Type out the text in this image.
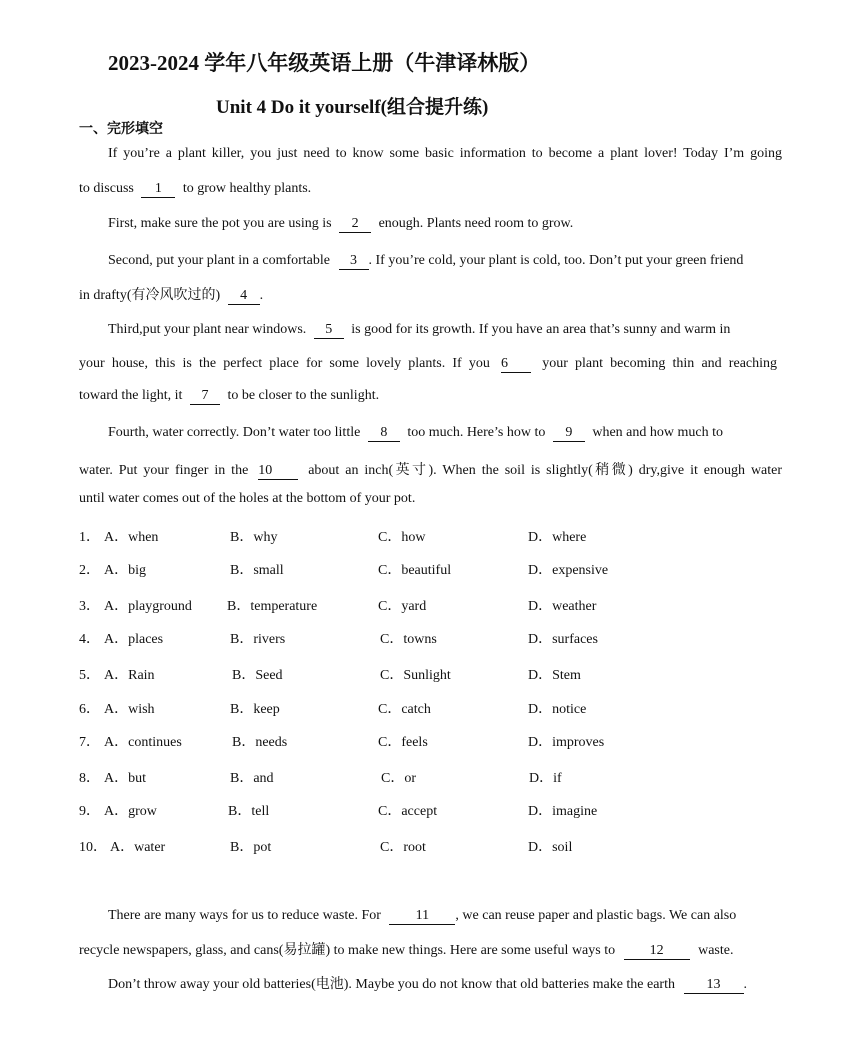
2023-2024 学年八年级英语上册（牛津译林版）
Unit 4 Do it yourself(组合提升练)
一、完形填空
If you’re a plant killer, you just need to know some basic information to become a plant lover! Today I’m going
to discuss 1 to grow healthy plants.
First, make sure the pot you are using is 2 enough. Plants need room to grow.
Second, put your plant in a comfortable 3 . If you’re cold, your plant is cold, too. Don’t put your green friend
in drafty(有冷风吹过的) 4 .
Third,put your plant near windows. 5 is good for its growth. If you have an area that’s sunny and warm in
your house, this is the perfect place for some lovely plants. If you 6 your plant becoming thin and reaching
toward the light, it 7 to be closer to the sunlight.
Fourth, water correctly. Don’t water too little 8 too much. Here’s how to 9 when and how much to
water. Put your finger in the 10	about an inch(英寸). When the soil is slightly(稍微) dry,give it enough water
until water comes out of the holes at the bottom of your pot.
1． A．when	B．why	C．how	D．where
2． A．big	B．small	C．beautiful	D．expensive
3． A．playground	B．temperature	C．yard	D．weather
4． A．places	B．rivers	C．towns	D．surfaces
5． A．Rain	B．Seed	C．Sunlight	D．Stem
6． A．wish	B．keep	C．catch	D．notice
7． A．continues	B．needs	C．feels	D．improves
8． A．but	B．and	C．or	D．if
9． A．grow	B．tell	C．accept	D．imagine
10． A．water	B．pot	C．root	D．soil
There are many ways for us to reduce waste. For 11 , we can reuse paper and plastic bags. We can also
recycle newspapers, glass, and cans(易拉罐) to make new things. Here are some useful ways to 12 waste.
Don’t throw away your old batteries(电池). Maybe you do not know that old batteries make the earth 13 .
